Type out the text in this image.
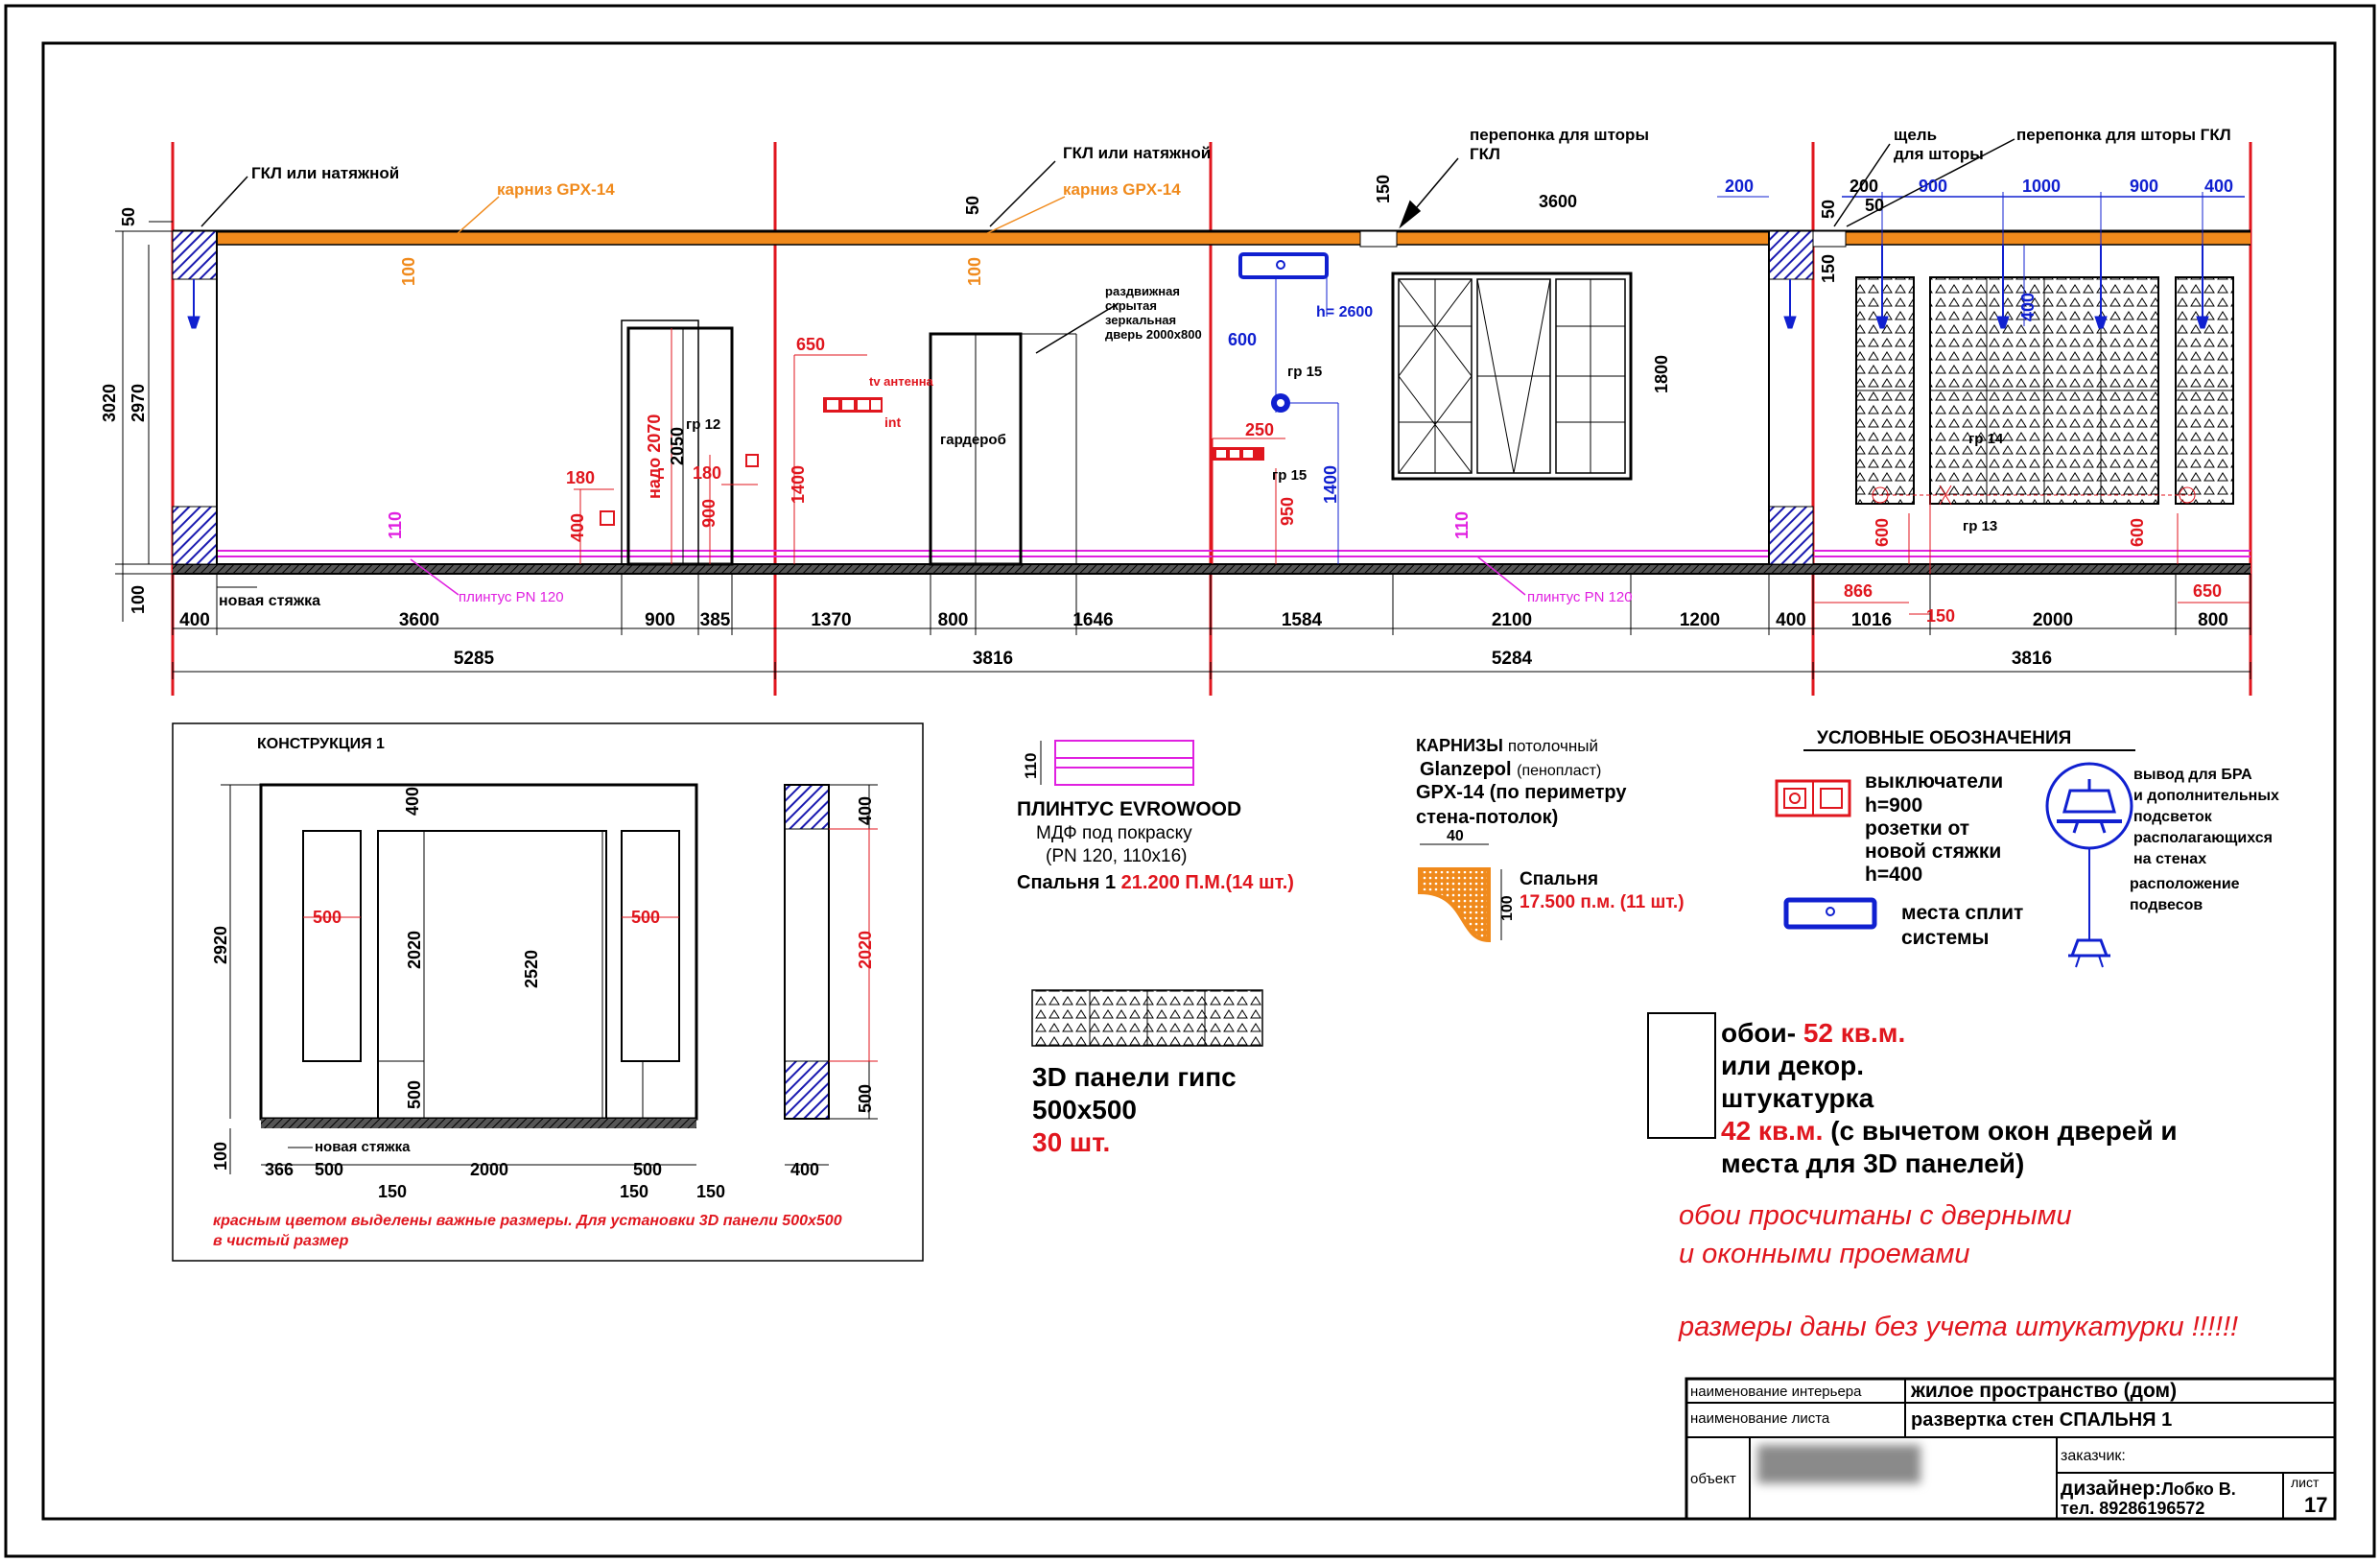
ГКЛ или натяжной
ГКЛ или натяжной
карниз GPX-14	карниз GPX-14
перепонка для шторы
ГКЛ
щель
для шторы
перепонка для шторы ГКЛ
гардероб
гр 12
гр 15
гр 15
гр 14
гр 13
новая стяжка
раздвижная
скрытая
зеркальная
дверь 2000х800
tv антенна
int
h= 2600
плинтус PN 120	плинтус PN 120
50
50
3020 2970
100
150	3600
200
50
150
50
2050
1800
100	100
200	900	1000	900	400
400
600
1400
650
250
1400
950
180	180
400	900
надо 2070
600	600
866
150
650
110	110
400	3600	900 385	1370	800	1646	1584	2100	1200	400 1016	2000	800
5285	3816	5284	3816
КОНСТРУКЦИЯ 1
2920
400
2020	2520
500
100	новая стяжка
366 500	2000	500
150	150	150
400
500
400
500	500
2020
красным цветом выделены важные размеры. Для установки 3D панели 500х500
в чистый размер
110
ПЛИНТУС EVROWOOD
МДФ под покраску
(PN 120, 110х16)
Спальня 1 21.200 П.М.(14 шт.)
КАРНИЗЫ потолочный
Glanzepol (пенопласт)
GPX-14 (по периметру
стена-потолок)
40
100
Спальня
17.500 п.м. (11 шт.)
3D панели гипс
500х500
30 шт.
УСЛОВНЫЕ ОБОЗНАЧЕНИЯ
выключатели
h=900
розетки от
новой стяжки
h=400
места сплит
системы
вывод для БРА
и дополнительных
подсветок
располагающихся
на стенах
расположение
подвесов
обои- 52 кв.м.
или декор.
штукатурка
42 кв.м. (с вычетом окон дверей и
места для 3D панелей)
обои просчитаны с дверными
и оконными проемами
размеры даны без учета штукатурки !!!!!!
наименование интерьера жилое пространство (дом)
наименование листа	развертка стен СПАЛЬНЯ 1
объект
заказчик:
дизайнер:Лобко В.
тел. 89286196572
лист
17
